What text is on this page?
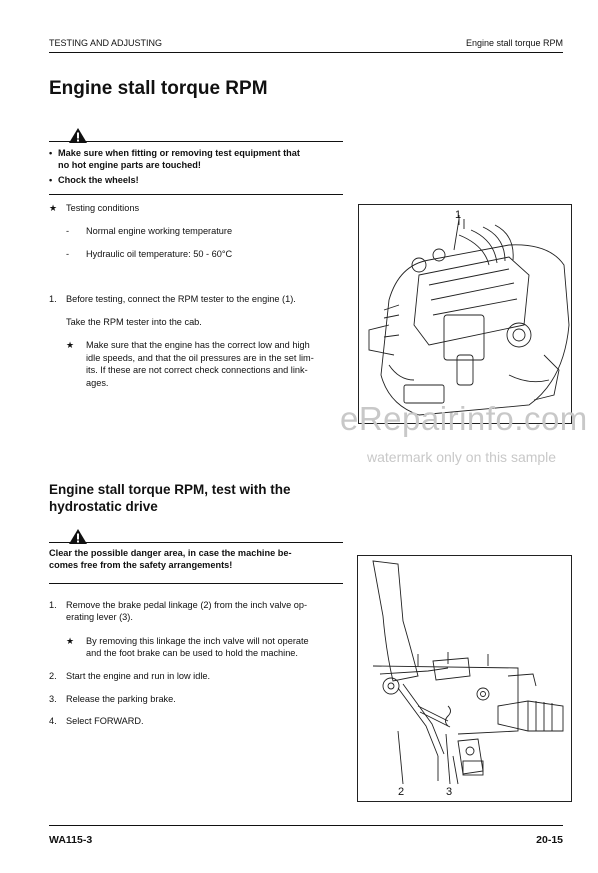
TESTING AND ADJUSTING	Engine stall torque RPM
Engine stall torque RPM
• Make sure when fitting or removing test equipment that
no hot engine parts are touched!
• Chock the wheels!
★ Testing conditions
- Normal engine working temperature
- Hydraulic oil temperature: 50 - 60°C
1. Before testing, connect the RPM tester to the engine (1).
Take the RPM tester into the cab.
★ Make sure that the engine has the correct low and high
idle speeds, and that the oil pressures are in the set lim-
its. If these are not correct check connections and link-
ages.
1
eRepairinfo.com
watermark only on this sample
Engine stall torque RPM, test with the
hydrostatic drive
Clear the possible danger area, in case the machine be-
comes free from the safety arrangements!
1. Remove the brake pedal linkage (2) from the inch valve op-
erating lever (3).
★ By removing this linkage the inch valve will not operate
and the foot brake can be used to hold the machine.
2. Start the engine and run in low idle.
3. Release the parking brake.
4. Select FORWARD.
2	3
WA115-3	20-15
